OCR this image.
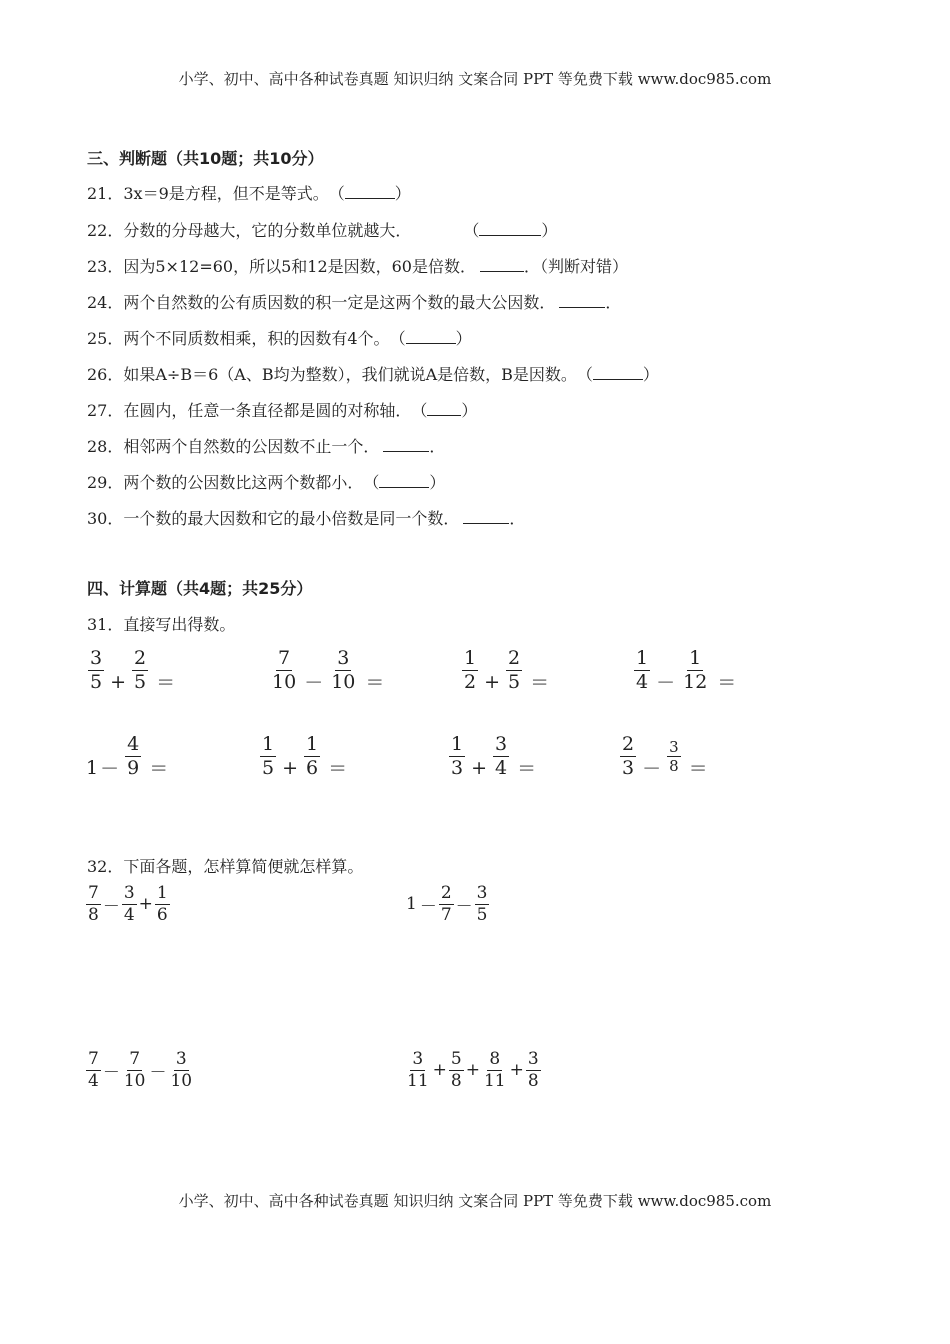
小学、初中、高中各种试卷真题 知识归纳 文案合同 PPT 等免费下载 www.doc985.com
三、判断题（共10题；共10分）
21．3x＝9是方程，但不是等式。 （	）
22．分数的分母越大，它的分数单位就越大．	（	）
23．因为5×12=60，所以5和12是因数，60是倍数．	．（判断对错）
24．两个自然数的公有质因数的积一定是这两个数的最大公因数．	．
25．两个不同质数相乘，积的因数有4个。 （	）
26．如果A÷B＝6（A、B均为整数），我们就说A是倍数，B是因数。 （	）
27．在圆内，任意一条直径都是圆的对称轴． （ ）
28．相邻两个自然数的公因数不止一个．	．
29．两个数的公因数比这两个数都小． （	）
30．一个数的最大因数和它的最小倍数是同一个数．	．
四、计算题（共4题；共25分）
31．直接写出得数。
$\frac{3}{5} + \frac{2}{5}$ ＝	$\frac{7}{10} - \frac{3}{10}$ ＝	$\frac{1}{2} + \frac{2}{5}$ ＝	$\frac{1}{4} - \frac{1}{12}$ ＝
$1 - \frac{4}{9}$ ＝	$\frac{1}{5} + \frac{1}{6}$ ＝	$\frac{1}{3} + \frac{3}{4}$ ＝	$\frac{2}{3} - \frac{3}{8}$ ＝
32．下面各题，怎样算简便就怎样算。
$\frac{7}{8} - \frac{3}{4} + \frac{1}{6}$	$1 - \frac{2}{7} - \frac{3}{5}$
$\frac{7}{4} - \frac{7}{10} - \frac{3}{10}$	$\frac{3}{11} + \frac{5}{8} + \frac{8}{11} + \frac{3}{8}$
小学、初中、高中各种试卷真题 知识归纳 文案合同 PPT 等免费下载 www.doc985.com
